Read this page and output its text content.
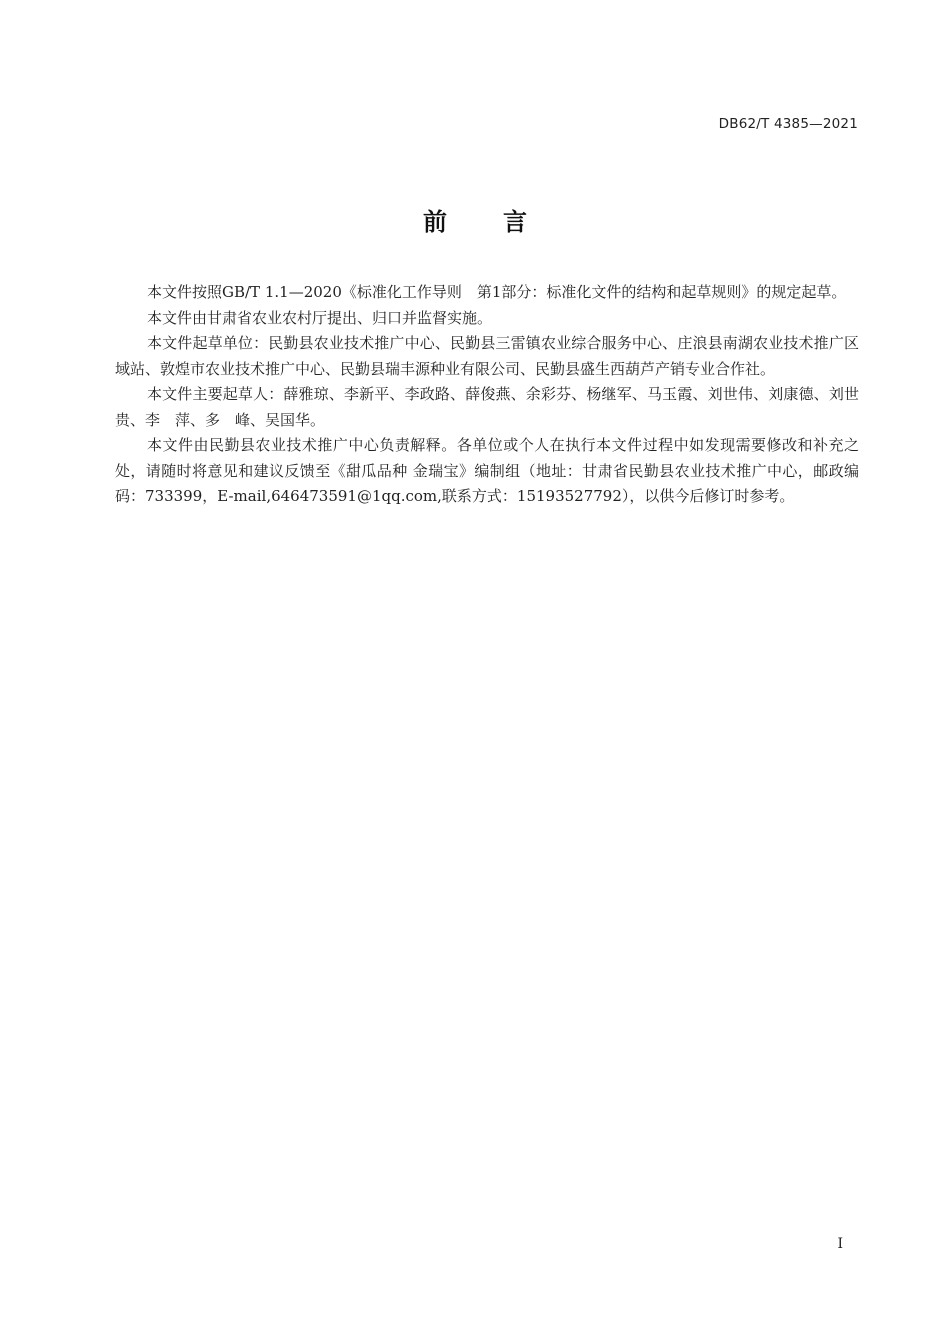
DB62/T 4385—2021
前 言

本文件按照GB/T 1.1—2020《标准化工作导则　第1部分：标准化文件的结构和起草规则》的规定起草。

本文件由甘肃省农业农村厅提出、归口并监督实施。

本文件起草单位：民勤县农业技术推广中心、民勤县三雷镇农业综合服务中心、庄浪县南湖农业技术推广区域站、敦煌市农业技术推广中心、民勤县瑞丰源种业有限公司、民勤县盛生西葫芦产销专业合作社。

本文件主要起草人：薛雅琼、李新平、李政路、薛俊燕、余彩芬、杨继军、马玉霞、刘世伟、刘康德、刘世贵、李　萍、多　峰、吴国华。

本文件由民勤县农业技术推广中心负责解释。各单位或个人在执行本文件过程中如发现需要修改和补充之处，请随时将意见和建议反馈至《甜瓜品种 金瑞宝》编制组（地址：甘肃省民勤县农业技术推广中心，邮政编码：733399，E-mail,646473591@1qq.com,联系方式：15193527792），以供今后修订时参考。

I
